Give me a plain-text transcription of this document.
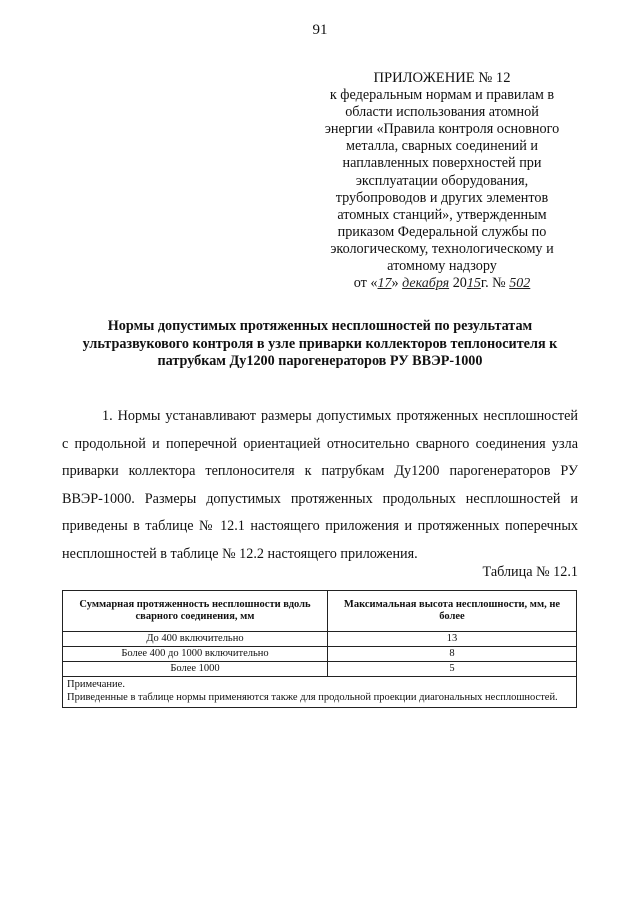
91
ПРИЛОЖЕНИЕ № 12
к федеральным нормам и правилам в
области использования атомной
энергии «Правила контроля основного
металла, сварных соединений и
наплавленных поверхностей при
эксплуатации оборудования,
трубопроводов и других элементов
атомных станций», утвержденным
приказом Федеральной службы по
экологическому, технологическому и
атомному надзору
от «17» декабря 2015г. № 502
Нормы допустимых протяженных несплошностей по результатам
ультразвукового контроля в узле приварки коллекторов теплоносителя к
патрубкам Ду1200 парогенераторов РУ ВВЭР-1000

1. Нормы устанавливают размеры допустимых протяженных несплошностей с продольной и поперечной ориентацией относительно сварного соединения узла приварки коллектора теплоносителя к патрубкам Ду1200 парогенераторов РУ ВВЭР-1000. Размеры допустимых протяженных продольных несплошностей и приведены в таблице № 12.1 настоящего приложения и протяженных поперечных несплошностей в таблице № 12.2 настоящего приложения.

Таблица № 12.1
Суммарная протяженность несплошности вдоль сварного соединения, мм	Максимальная высота несплошности, мм, не более
До 400 включительно	13
Более 400 до 1000 включительно	8
Более 1000	5

Примечание.
Приведенные в таблице нормы применяются также для продольной проекции диагональных несплошностей.	
